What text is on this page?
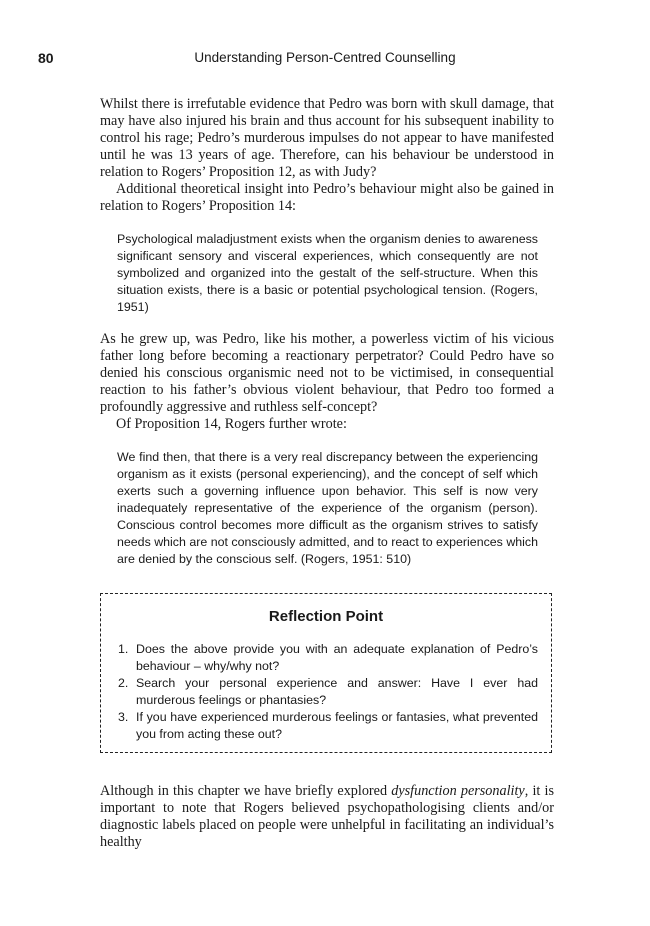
80	Understanding Person-Centred Counselling

Whilst there is irrefutable evidence that Pedro was born with skull damage, that may have also injured his brain and thus account for his subsequent inability to control his rage; Pedro’s murderous impulses do not appear to have manifested until he was 13 years of age. Therefore, can his behaviour be understood in relation to Rogers’ Proposition 12, as with Judy?

Additional theoretical insight into Pedro’s behaviour might also be gained in relation to Rogers’ Proposition 14:

Psychological maladjustment exists when the organism denies to awareness significant sensory and visceral experiences, which consequently are not symbolized and organized into the gestalt of the self-structure. When this situation exists, there is a basic or potential psychological tension. (Rogers, 1951)

As he grew up, was Pedro, like his mother, a powerless victim of his vicious father long before becoming a reactionary perpetrator? Could Pedro have so denied his conscious organismic need not to be victimised, in consequential reaction to his father’s obvious violent behaviour, that Pedro too formed a profoundly aggressive and ruthless self-concept?

Of Proposition 14, Rogers further wrote:

We find then, that there is a very real discrepancy between the experiencing organism as it exists (personal experiencing), and the concept of self which exerts such a governing influence upon behavior. This self is now very inadequately representative of the experience of the organism (person). Conscious control becomes more difficult as the organism strives to satisfy needs which are not consciously admitted, and to react to experiences which are denied by the conscious self. (Rogers, 1951: 510)

Reflection Point
1. Does the above provide you with an adequate explanation of Pedro’s behaviour – why/why not?
2. Search your personal experience and answer: Have I ever had murderous feelings or phantasies?
3. If you have experienced murderous feelings or fantasies, what prevented you from acting these out?

Although in this chapter we have briefly explored dysfunction personality, it is important to note that Rogers believed psychopathologising clients and/or diagnostic labels placed on people were unhelpful in facilitating an individual’s healthy
